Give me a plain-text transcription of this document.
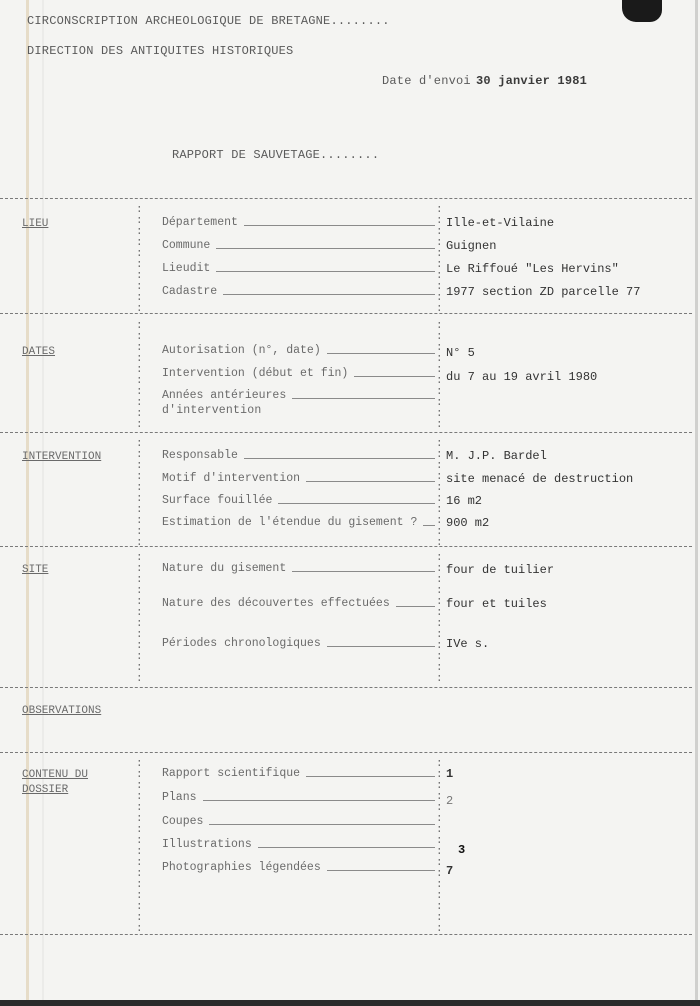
CIRCONSCRIPTION ARCHEOLOGIQUE DE BRETAGNE........
DIRECTION DES ANTIQUITES HISTORIQUES
Date d'envoi 30 janvier 1981
RAPPORT DE SAUVETAGE........
LIEU	Département	Ille-et-Vilaine
Commune	Guignen
Lieudit	Le Riffoué "Les Hervins"
Cadastre	1977 section ZD parcelle 77
DATES	Autorisation (n°, date)	N° 5
Intervention (début et fin)	du 7 au 19 avril 1980
Années antérieures
d'intervention
INTERVENTION	Responsable	M. J.P. Bardel
Motif d'intervention	site menacé de destruction
Surface fouillée	16 m2
Estimation de l'étendue du gisement ? 900 m2
SITE	Nature du gisement	four de tuilier
Nature des découvertes effectuées	four et tuiles
Périodes chronologiques	IVe s.
OBSERVATIONS
CONTENU DU
DOSSIER
Rapport scientifique	1
Plans	2
Coupes
Illustrations	3
Photographies légendées	7
:	:
:	:
:	:
:	:
:	:
:	:
:	:
:	:
:	:
:	:
:	:
:	:
:	:
:	:
:	:
:	:
:	:
:	:
:	:
:	:
:	:
:	:
:	:
:	:
:	:
:	:
:	:
:	:
:	:
:	:
:	:
:	:
:	:
:	:
:	:
:	:
:	:
:	:
:	:
:	:
:	:
:	:
:	:
:	:
:	:
:	:
:	:
:	:
:	:
:	:
:	:
:	:
:	:
:	:
:	:
:	:
:	:
:	:
